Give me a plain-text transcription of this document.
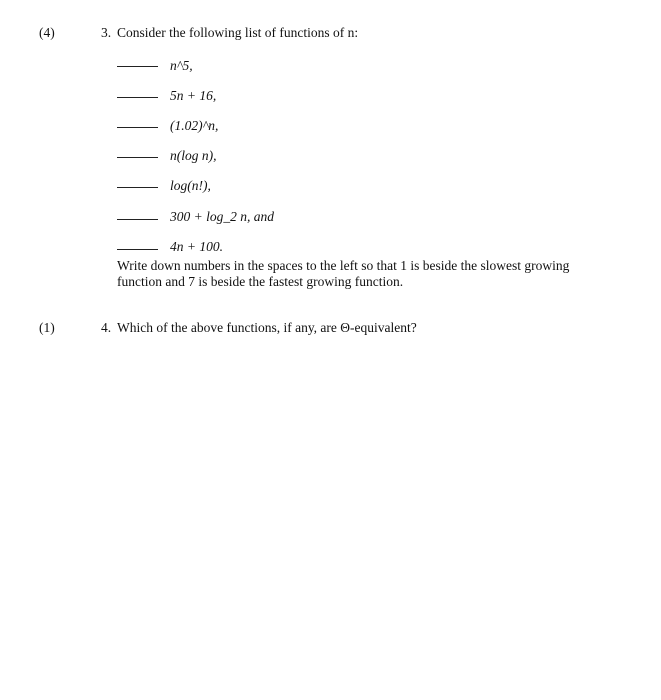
(4)	3. Consider the following list of functions of n:
n^5,
5n + 16,
(1.02)^n,
n(log n),
log(n!),
300 + log_2 n, and
4n + 100.
Write down numbers in the spaces to the left so that 1 is beside the slowest growing function and 7 is beside the fastest growing function.
(1)	4. Which of the above functions, if any, are Θ-equivalent?
